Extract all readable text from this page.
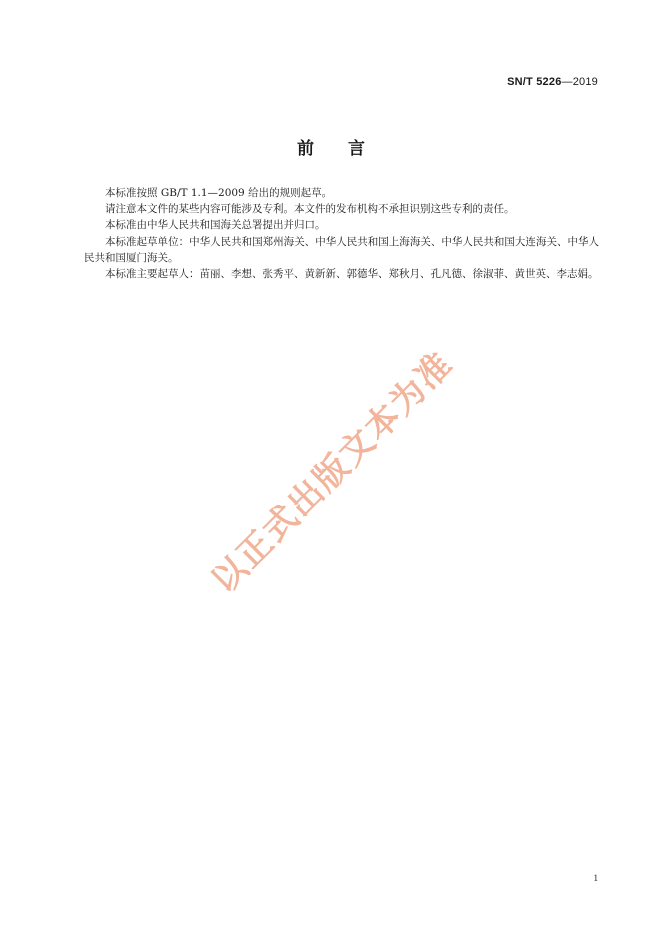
SN/T 5226—2019
前言

本标准按照 GB/T 1.1—2009 给出的规则起草。

请注意本文件的某些内容可能涉及专利。本文件的发布机构不承担识别这些专利的责任。

本标准由中华人民共和国海关总署提出并归口。

本标准起草单位：中华人民共和国郑州海关、中华人民共和国上海海关、中华人民共和国大连海关、中华人民共和国厦门海关。

本标准主要起草人：苗丽、李想、张秀平、黄新新、郭德华、郑秋月、孔凡德、徐淑菲、黄世英、李志娟。

以正式出版文本为准
1
